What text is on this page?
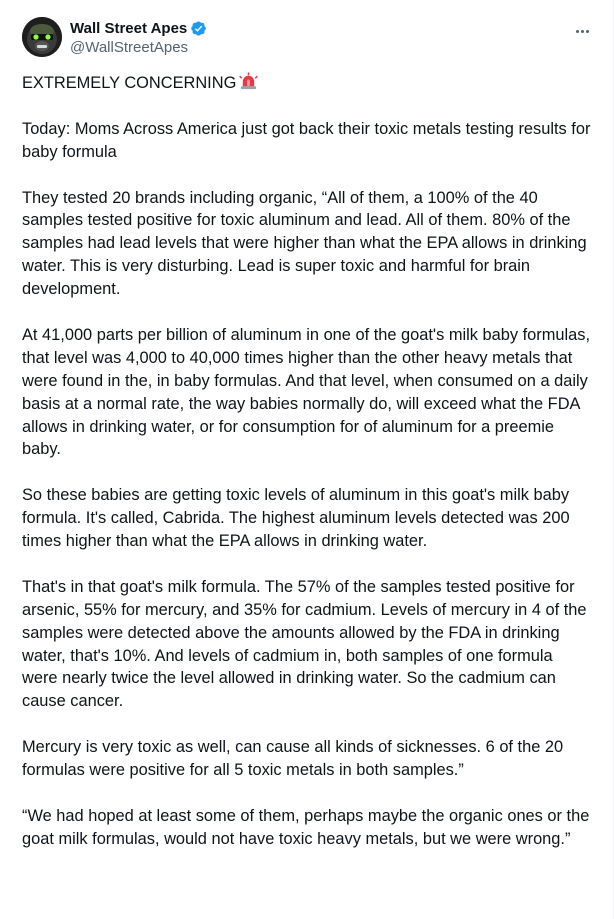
Wall Street Apes
@WallStreetApes

EXTREMELY CONCERNING

Today: Moms Across America just got back their toxic metals testing results for baby formula

They tested 20 brands including organic, “All of them, a 100% of the 40 samples tested positive for toxic aluminum and lead. All of them. 80% of the samples had lead levels that were higher than what the EPA allows in drinking water. This is very disturbing. Lead is super toxic and harmful for brain development.

At 41,000 parts per billion of aluminum in one of the goat's milk baby formulas, that level was 4,000 to 40,000 times higher than the other heavy metals that were found in the, in baby formulas. And that level, when consumed on a daily basis at a normal rate, the way babies normally do, will exceed what the FDA allows in drinking water, or for consumption for of aluminum for a preemie baby.

So these babies are getting toxic levels of aluminum in this goat's milk baby formula. It's called, Cabrida. The highest aluminum levels detected was 200 times higher than what the EPA allows in drinking water.

That's in that goat's milk formula. The 57% of the samples tested positive for arsenic, 55% for mercury, and 35% for cadmium. Levels of mercury in 4 of the samples were detected above the amounts allowed by the FDA in drinking water, that's 10%. And levels of cadmium in, both samples of one formula were nearly twice the level allowed in drinking water. So the cadmium can cause cancer.

Mercury is very toxic as well, can cause all kinds of sicknesses. 6 of the 20 formulas were positive for all 5 toxic metals in both samples.”

“We had hoped at least some of them, perhaps maybe the organic ones or the goat milk formulas, would not have toxic heavy metals, but we were wrong.”
